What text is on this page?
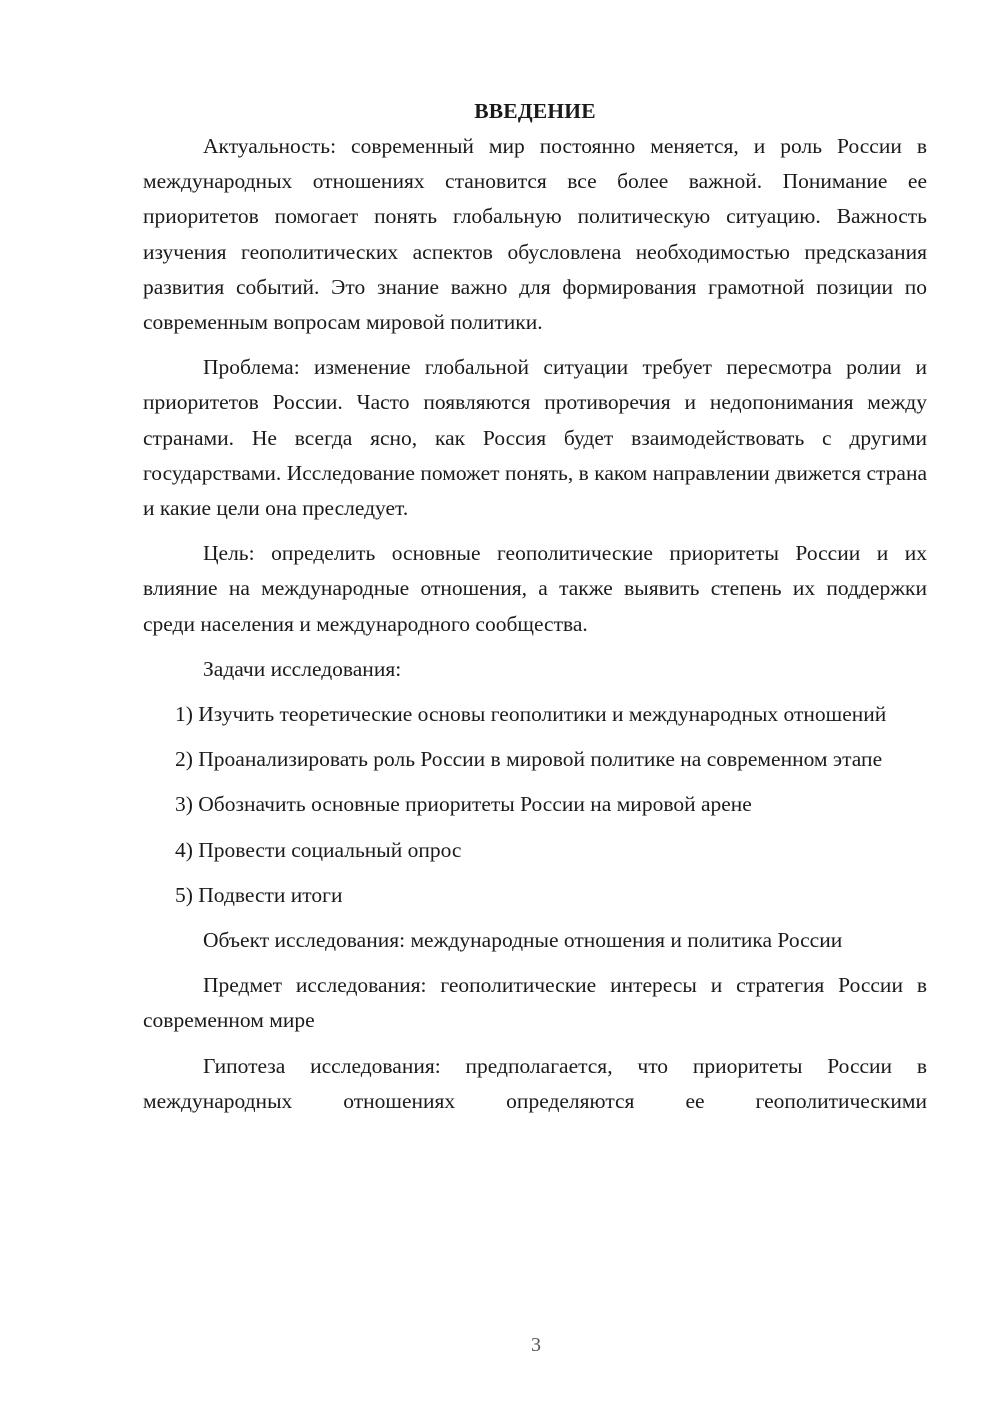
ВВЕДЕНИЕ

Актуальность: современный мир постоянно меняется, и роль России в международных отношениях становится все более важной. Понимание ее приоритетов помогает понять глобальную политическую ситуацию. Важность изучения геополитических аспектов обусловлена необходимостью предсказания развития событий. Это знание важно для формирования грамотной позиции по современным вопросам мировой политики.

Проблема: изменение глобальной ситуации требует пересмотра ролии и приоритетов России. Часто появляются противоречия и недопонимания между странами. Не всегда ясно, как Россия будет взаимодействовать с другими государствами. Исследование поможет понять, в каком направлении движется страна и какие цели она преследует.

Цель: определить основные геополитические приоритеты России и их влияние на международные отношения, а также выявить степень их поддержки среди населения и международного сообщества.

Задачи исследования:

1) Изучить теоретические основы геополитики и международных отношений

2) Проанализировать роль России в мировой политике на современном этапе

3) Обозначить основные приоритеты России на мировой арене

4) Провести социальный опрос

5) Подвести итоги

Объект исследования: международные отношения и политика России

Предмет исследования: геополитические интересы и стратегия России в современном мире

Гипотеза исследования: предполагается, что приоритеты России в международных отношениях определяются ее геополитическими

3
